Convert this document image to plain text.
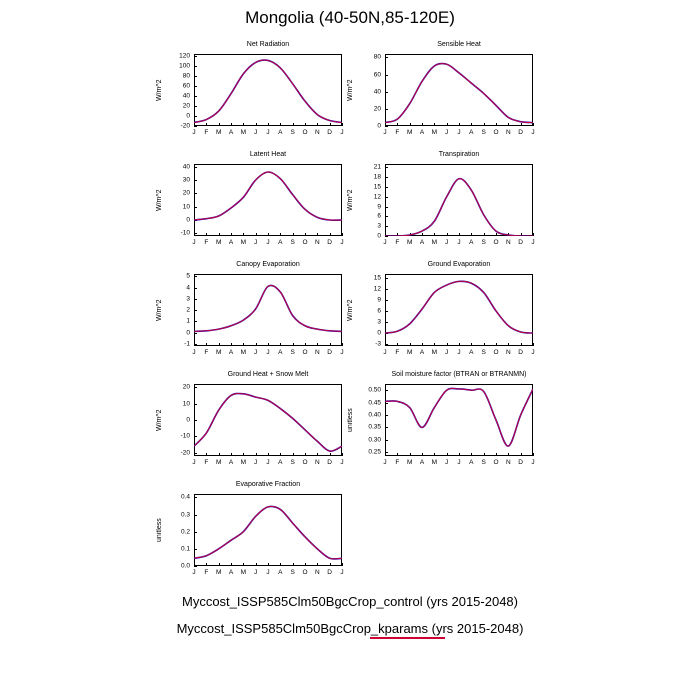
Mongolia (40-50N,85-120E)
Net Radiation
W/m^2
-20
0
20
40
60
80
100
120
J	F	M	A	M	J	J	A	S	O	N	D	J
Sensible Heat
W/m^2
0
20
40
60
80
J	F	M	A	M	J	J	A	S	O	N	D	J
Latent Heat
W/m^2
-10
0
10
20
30
40
J	F	M	A	M	J	J	A	S	O	N	D	J
Transpiration
W/m^2
0
3
6
9
12
15
18
21
J	F	M	A	M	J	J	A	S	O	N	D	J
Canopy Evaporation
W/m^2
-1
0
1
2
3
4
5
J	F	M	A	M	J	J	A	S	O	N	D	J
Ground Evaporation
W/m^2
-3
0
3
6
9
12
15
J	F	M	A	M	J	J	A	S	O	N	D	J
Ground Heat + Snow Melt
W/m^2
-20
-10
0
10
20
J	F	M	A	M	J	J	A	S	O	N	D	J
Soil moisture factor (BTRAN or BTRANMN)
unitless
0.25
0.30
0.35
0.40
0.45
0.50
J	F	M	A	M	J	J	A	S	O	N	D	J
Evaporative Fraction
unitless
0.0
0.1
0.2
0.3
0.4
J	F	M	A	M	J	J	A	S	O	N	D	J
Myccost_ISSP585Clm50BgcCrop_control (yrs 2015-2048)
Myccost_ISSP585Clm50BgcCrop_kparams (yrs 2015-2048)
